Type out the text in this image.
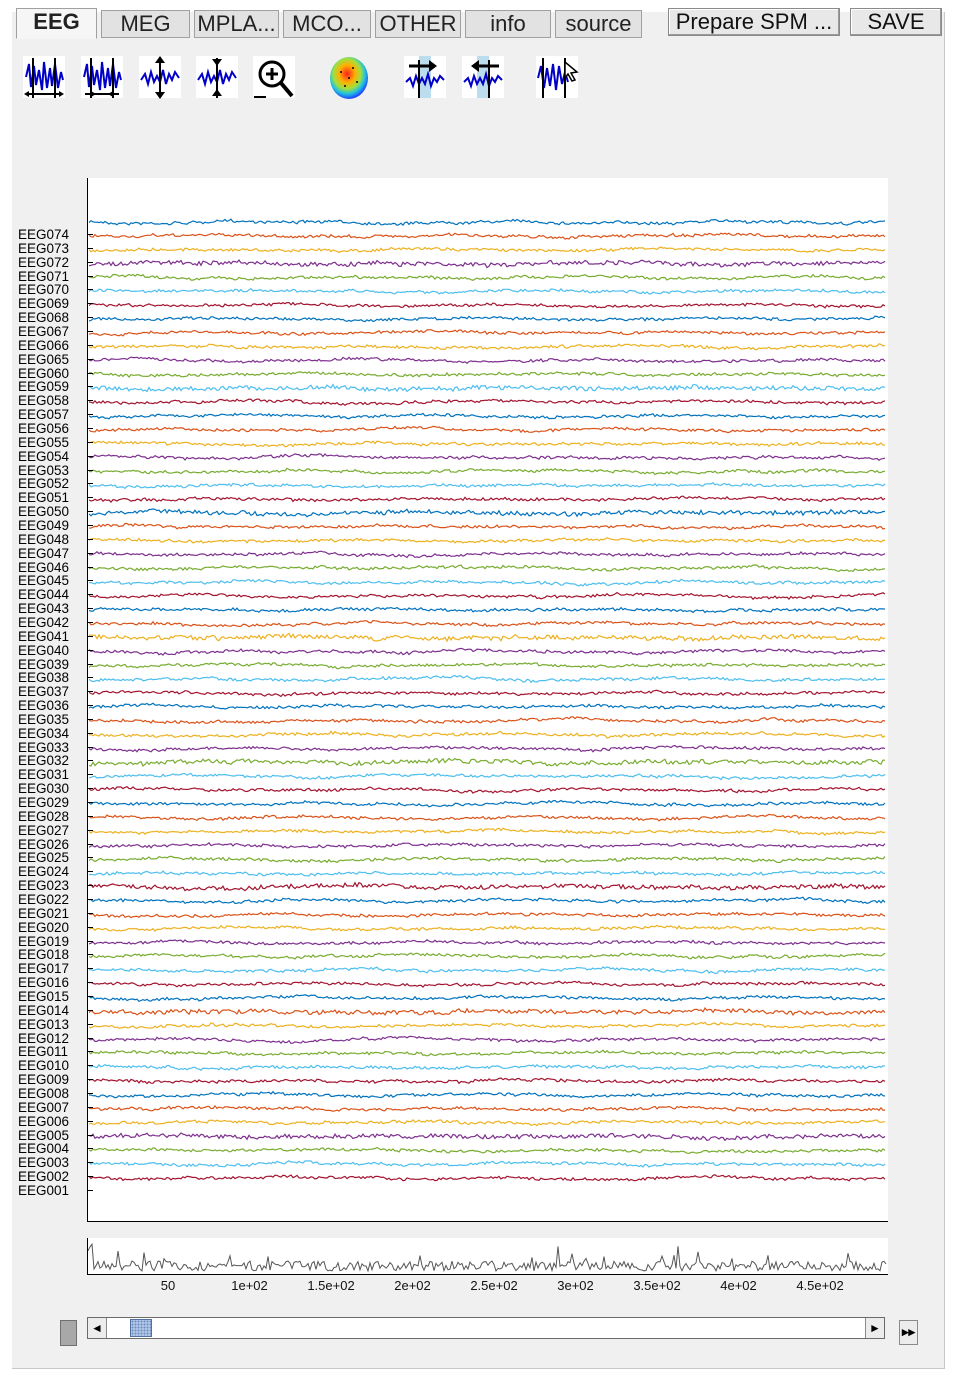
EEG	MEG	MPLA... MCO... OTHER	info	source	Prepare SPM ...	SAVE
EEG074
EEG073
EEG072
EEG071
EEG070
EEG069
EEG068
EEG067
EEG066
EEG065
EEG060
EEG059
EEG058
EEG057
EEG056
EEG055
EEG054
EEG053
EEG052
EEG051
EEG050
EEG049
EEG048
EEG047
EEG046
EEG045
EEG044
EEG043
EEG042
EEG041
EEG040
EEG039
EEG038
EEG037
EEG036
EEG035
EEG034
EEG033
EEG032
EEG031
EEG030
EEG029
EEG028
EEG027
EEG026
EEG025
EEG024
EEG023
EEG022
EEG021
EEG020
EEG019
EEG018
EEG017
EEG016
EEG015
EEG014
EEG013
EEG012
EEG011
EEG010
EEG009
EEG008
EEG007
EEG006
EEG005
EEG004
EEG003
EEG002
EEG001
50	1e+02	1.5e+02	2e+02	2.5e+02	3e+02	3.5e+02	4e+02	4.5e+02
◄	► ▸▸
